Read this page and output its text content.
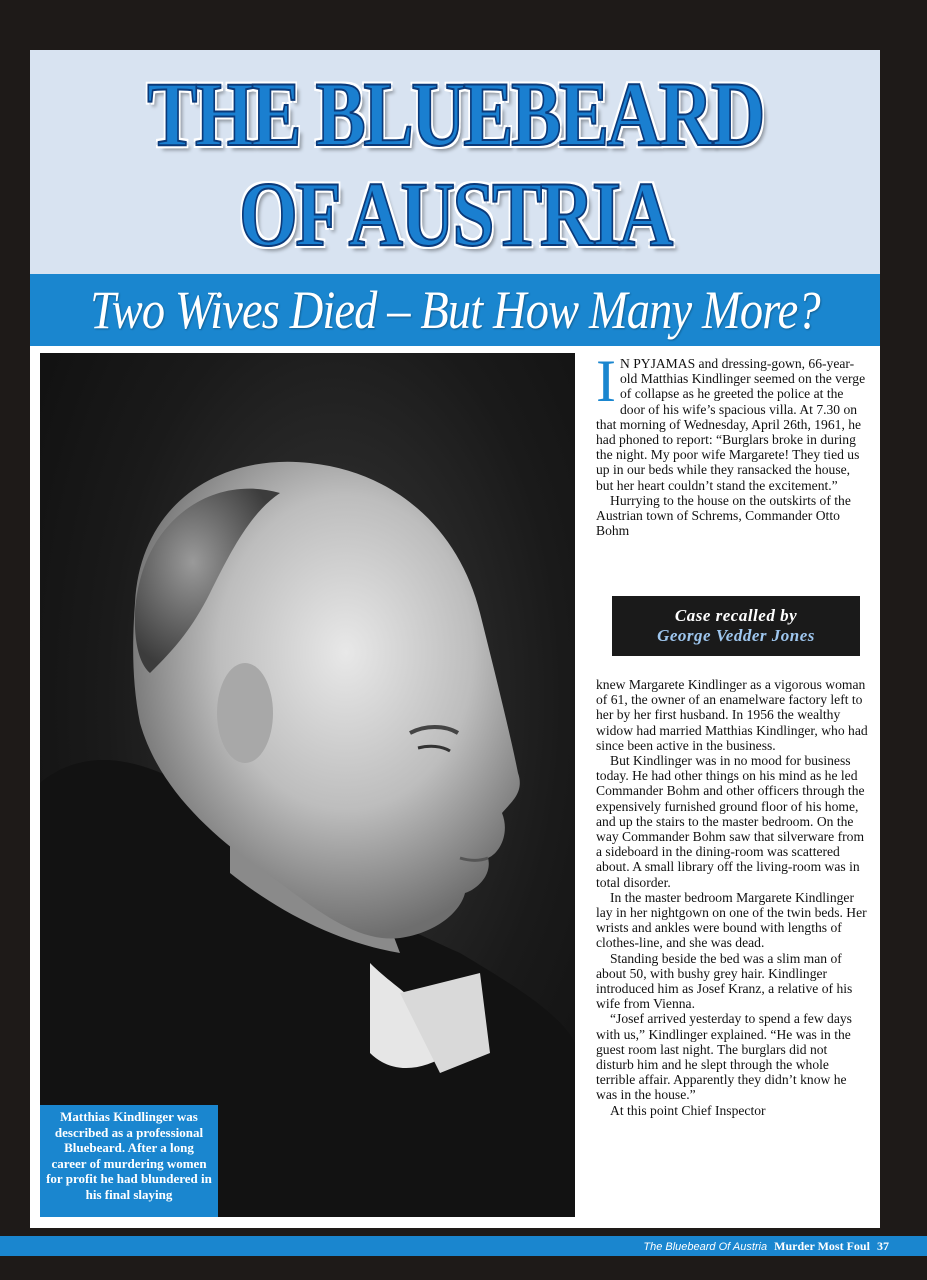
THE BLUEBEARD
OF AUSTRIA
Two Wives Died – But How Many More?
Matthias Kindlinger was described as a professional Bluebeard. After a long career of murdering women for profit he had blundered in his final slaying
I N PYJAMAS and dressing-gown, 66-year-old Matthias Kindlinger seemed on the verge of collapse as he greeted the police at the door of his wife’s spacious villa. At 7.30 on that morning of Wednesday, April 26th, 1961, he had phoned to report: “Burglars broke in during the night. My poor wife Margarete! They tied us up in our beds while they ransacked the house, but her heart couldn’t stand the excitement.”

Hurrying to the house on the outskirts of the Austrian town of Schrems, Commander Otto Bohm

Case recalled by
George Vedder Jones

knew Margarete Kindlinger as a vigorous woman of 61, the owner of an enamelware factory left to her by her first husband. In 1956 the wealthy widow had married Matthias Kindlinger, who had since been active in the business.

But Kindlinger was in no mood for business today. He had other things on his mind as he led Commander Bohm and other officers through the expensively furnished ground floor of his home, and up the stairs to the master bedroom. On the way Commander Bohm saw that silverware from a sideboard in the dining-room was scattered about. A small library off the living-room was in total disorder.

In the master bedroom Margarete Kindlinger lay in her nightgown on one of the twin beds. Her wrists and ankles were bound with lengths of clothes-line, and she was dead.

Standing beside the bed was a slim man of about 50, with bushy grey hair. Kindlinger introduced him as Josef Kranz, a relative of his wife from Vienna.

“Josef arrived yesterday to spend a few days with us,” Kindlinger explained. “He was in the guest room last night. The burglars did not disturb him and he slept through the whole terrible affair. Apparently they didn’t know he was in the house.”

At this point Chief Inspector

The Bluebeard Of Austria Murder Most Foul 37
